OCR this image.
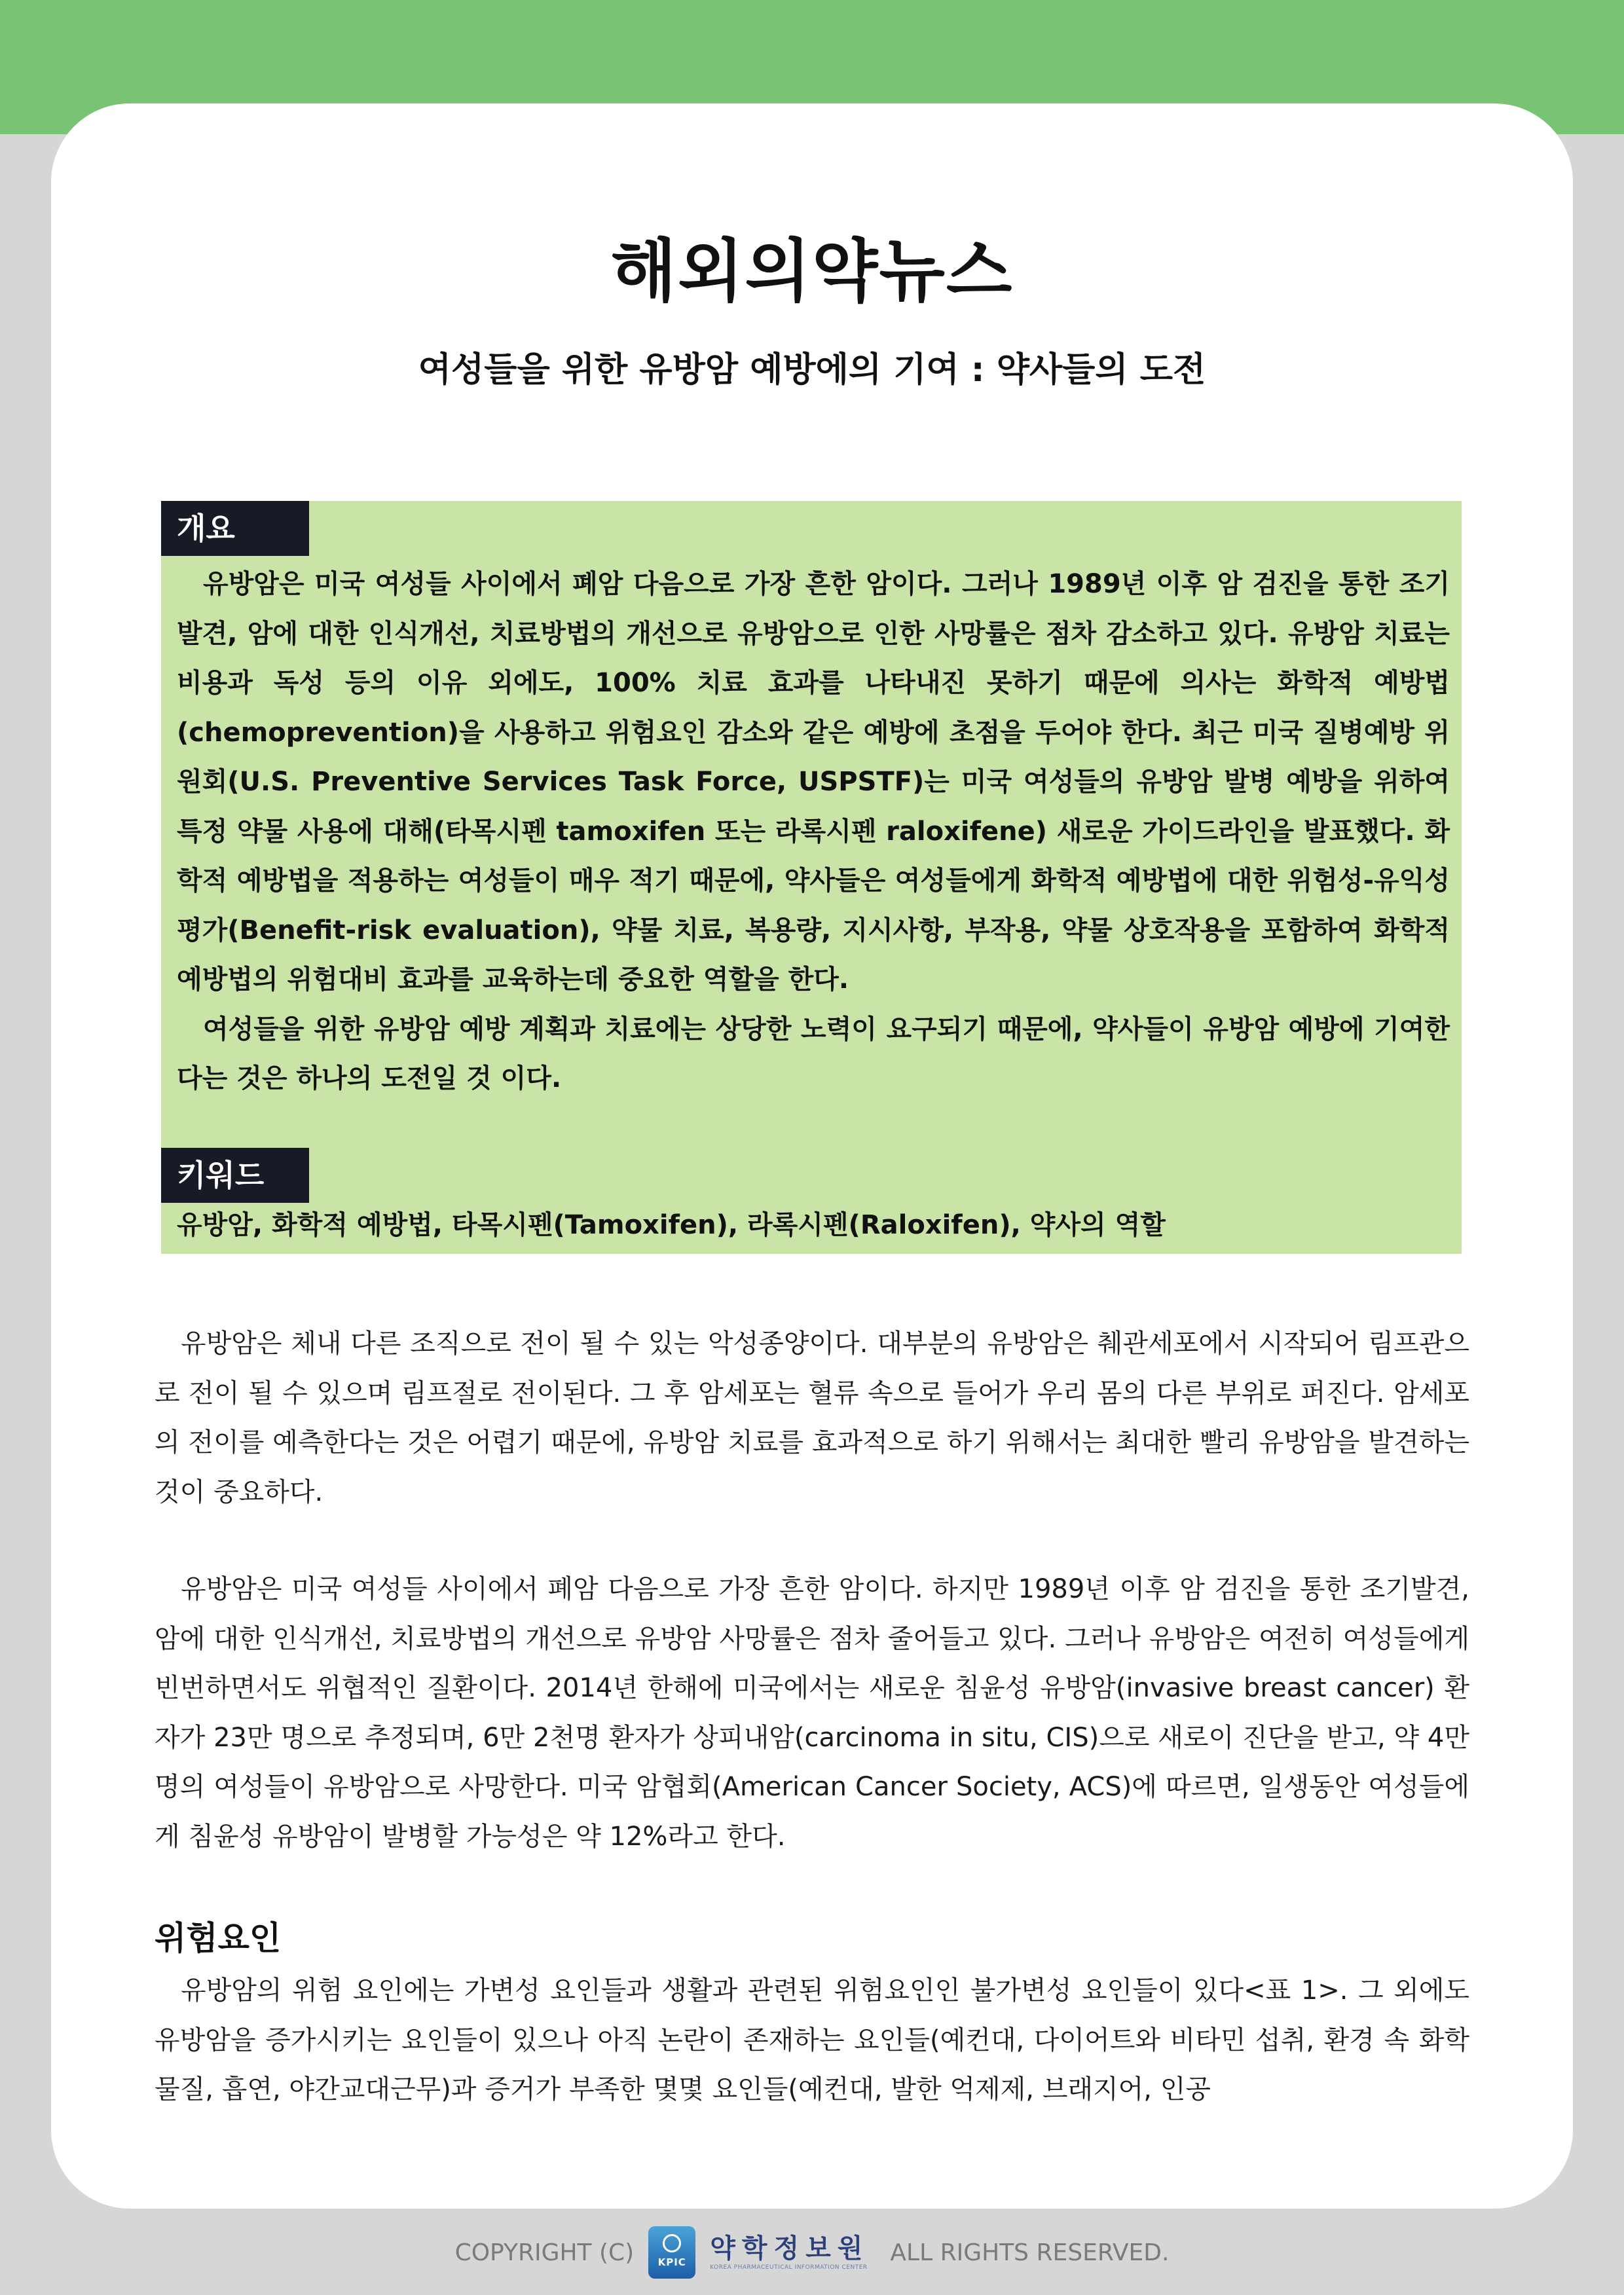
해외의약뉴스
여성들을 위한 유방암 예방에의 기여 : 약사들의 도전
개요

유방암은 미국 여성들 사이에서 폐암 다음으로 가장 흔한 암이다. 그러나 1989년 이후 암 검진을 통한 조기발견, 암에 대한 인식개선, 치료방법의 개선으로 유방암으로 인한 사망률은 점차 감소하고 있다. 유방암 치료는 비용과 독성 등의 이유 외에도, 100% 치료 효과를 나타내진 못하기 때문에 의사는 화학적 예방법(chemoprevention)을 사용하고 위험요인 감소와 같은 예방에 초점을 두어야 한다. 최근 미국 질병예방 위원회(U.S. Preventive Services Task Force, USPSTF)는 미국 여성들의 유방암 발병 예방을 위하여 특정 약물 사용에 대해(타목시펜 tamoxifen 또는 라록시펜 raloxifene) 새로운 가이드라인을 발표했다. 화학적 예방법을 적용하는 여성들이 매우 적기 때문에, 약사들은 여성들에게 화학적 예방법에 대한 위험성-유익성 평가(Benefit-risk evaluation), 약물 치료, 복용량, 지시사항, 부작용, 약물 상호작용을 포함하여 화학적 예방법의 위험대비 효과를 교육하는데 중요한 역할을 한다.

여성들을 위한 유방암 예방 계획과 치료에는 상당한 노력이 요구되기 때문에, 약사들이 유방암 예방에 기여한다는 것은 하나의 도전일 것 이다.

키워드

유방암, 화학적 예방법, 타목시펜(Tamoxifen), 라록시펜(Raloxifen), 약사의 역할

유방암은 체내 다른 조직으로 전이 될 수 있는 악성종양이다. 대부분의 유방암은 췌관세포에서 시작되어 림프관으로 전이 될 수 있으며 림프절로 전이된다. 그 후 암세포는 혈류 속으로 들어가 우리 몸의 다른 부위로 퍼진다. 암세포의 전이를 예측한다는 것은 어렵기 때문에, 유방암 치료를 효과적으로 하기 위해서는 최대한 빨리 유방암을 발견하는 것이 중요하다.

유방암은 미국 여성들 사이에서 폐암 다음으로 가장 흔한 암이다. 하지만 1989년 이후 암 검진을 통한 조기발견, 암에 대한 인식개선, 치료방법의 개선으로 유방암 사망률은 점차 줄어들고 있다. 그러나 유방암은 여전히 여성들에게 빈번하면서도 위협적인 질환이다. 2014년 한해에 미국에서는 새로운 침윤성 유방암(invasive breast cancer) 환자가 23만 명으로 추정되며, 6만 2천명 환자가 상피내암(carcinoma in situ, CIS)으로 새로이 진단을 받고, 약 4만 명의 여성들이 유방암으로 사망한다. 미국 암협회(American Cancer Society, ACS)에 따르면, 일생동안 여성들에게 침윤성 유방암이 발병할 가능성은 약 12%라고 한다.

위험요인

유방암의 위험 요인에는 가변성 요인들과 생활과 관련된 위험요인인 불가변성 요인들이 있다<표 1>. 그 외에도 유방암을 증가시키는 요인들이 있으나 아직 논란이 존재하는 요인들(예컨대, 다이어트와 비타민 섭취, 환경 속 화학물질, 흡연, 야간교대근무)과 증거가 부족한 몇몇 요인들(예컨대, 발한 억제제, 브래지어, 인공

COPYRIGHT (C)	KPIC 약학정보원
KOREA PHARMACEUTICAL INFORMATION CENTER
ALL RIGHTS RESERVED.
